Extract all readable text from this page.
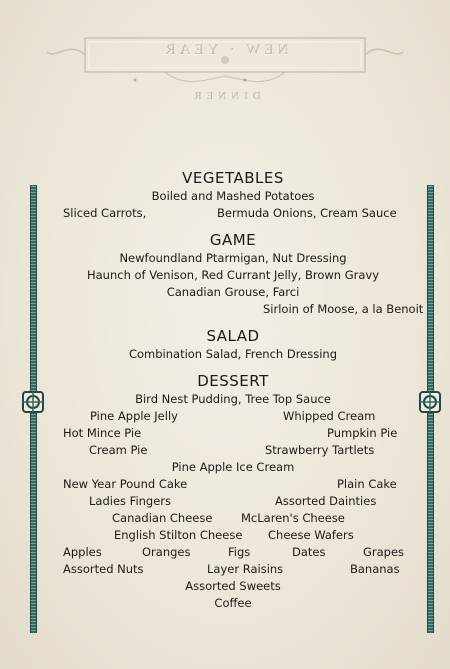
NEW · YEAR
DINNER
VEGETABLES
Boiled and Mashed Potatoes
Sliced Carrots,	Bermuda Onions, Cream Sauce
GAME
Newfoundland Ptarmigan, Nut Dressing
Haunch of Venison, Red Currant Jelly, Brown Gravy
Canadian Grouse, Farci
Sirloin of Moose, a la Benoit
SALAD
Combination Salad, French Dressing
DESSERT
Bird Nest Pudding, Tree Top Sauce
Pine Apple Jelly	Whipped Cream
Hot Mince Pie	Pumpkin Pie
Cream Pie	Strawberry Tartlets
Pine Apple Ice Cream
New Year Pound Cake	Plain Cake
Ladies Fingers	Assorted Dainties
Canadian Cheese McLaren's Cheese
English Stilton Cheese Cheese Wafers
Apples	Oranges	Figs	Dates	Grapes
Assorted Nuts	Layer Raisins	Bananas
Assorted Sweets
Coffee
